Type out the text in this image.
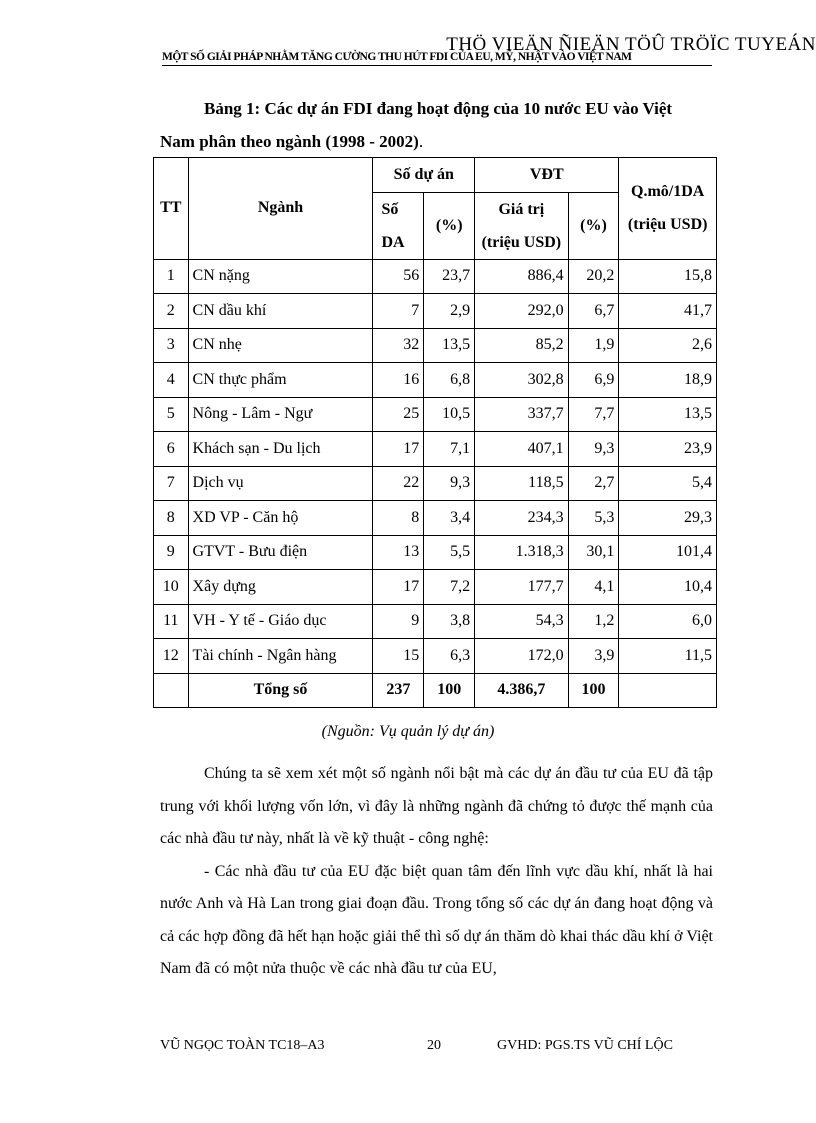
THÖ VIEÄN ÑIEÄN TÖÛ TRÖÏC TUYEÁN
MỘT SỐ GIẢI PHÁP NHẰM TĂNG CƯỜNG THU HÚT FDI CỦA EU, MỸ, NHẬT VÀO VIỆT NAM
Bảng 1: Các dự án FDI đang hoạt động của 10 nước EU vào Việt
Nam phân theo ngành (1998 - 2002).
TT	Ngành	Số dự án		VĐT		Q.mô/1DA (triệu USD)
		Số DA	(%)	Giá trị (triệu USD)	(%)	

1	CN nặng	56	23,7	886,4	20,2	15,8
2	CN dầu khí	7	2,9	292,0	6,7	41,7
3	CN nhẹ	32	13,5	85,2	1,9	2,6
4	CN thực phẩm	16	6,8	302,8	6,9	18,9
5	Nông - Lâm - Ngư	25	10,5	337,7	7,7	13,5
6	Khách sạn - Du lịch	17	7,1	407,1	9,3	23,9
7	Dịch vụ	22	9,3	118,5	2,7	5,4
8	XD VP - Căn hộ	8	3,4	234,3	5,3	29,3
9	GTVT - Bưu điện	13	5,5	1.318,3	30,1	101,4
10	Xây dựng	17	7,2	177,7	4,1	10,4
11	VH - Y tế - Giáo dục	9	3,8	54,3	1,2	6,0
12	Tài chính - Ngân hàng	15	6,3	172,0	3,9	11,5
	Tổng số	237	100	4.386,7	100	
(Nguồn: Vụ quản lý dự án)

Chúng ta sẽ xem xét một số ngành nổi bật mà các dự án đầu tư của EU đã tập trung với khối lượng vốn lớn, vì đây là những ngành đã chứng tỏ được thế mạnh của các nhà đầu tư này, nhất là về kỹ thuật - công nghệ:

- Các nhà đầu tư của EU đặc biệt quan tâm đến lĩnh vực dầu khí, nhất là hai nước Anh và Hà Lan trong giai đoạn đầu. Trong tổng số các dự án đang hoạt động và cả các hợp đồng đã hết hạn hoặc giải thể thì số dự án thăm dò khai thác dầu khí ở Việt Nam đã có một nửa thuộc về các nhà đầu tư của EU,

VŨ NGỌC TOÀN TC18–A3	20	GVHD: PGS.TS VŨ CHÍ LỘC
